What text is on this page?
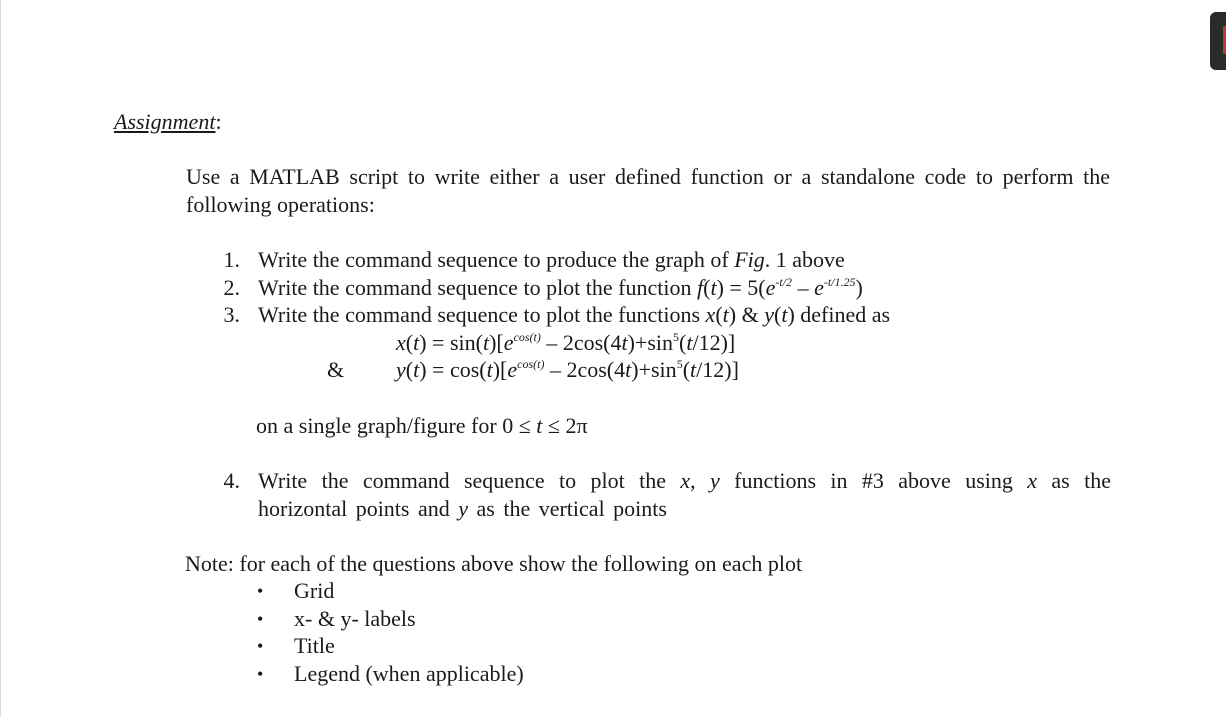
Assignment:
Use a MATLAB script to write either a user defined function or a standalone code to perform the following operations:
1. Write the command sequence to produce the graph of Fig. 1 above
2. Write the command sequence to plot the function $f(t) = 5(e^{-t/2} - e^{-t/1.25})$
3. Write the command sequence to plot the functions x(t) & y(t) defined as
$x(t) = \sin(t)[e^{cos(t)} - 2\cos(4t)+\sin^5(t/12)]$
& $y(t) = \cos(t)[e^{cos(t)} - 2\cos(4t)+\sin^5(t/12)]$
on a single graph/figure for 0 ≤ t ≤ 2π
4. Write the command sequence to plot the x, y functions in #3 above using x as the horizontal points and y as the vertical points
Note: for each of the questions above show the following on each plot
• Grid
• x- & y- labels
• Title
• Legend (when applicable)
